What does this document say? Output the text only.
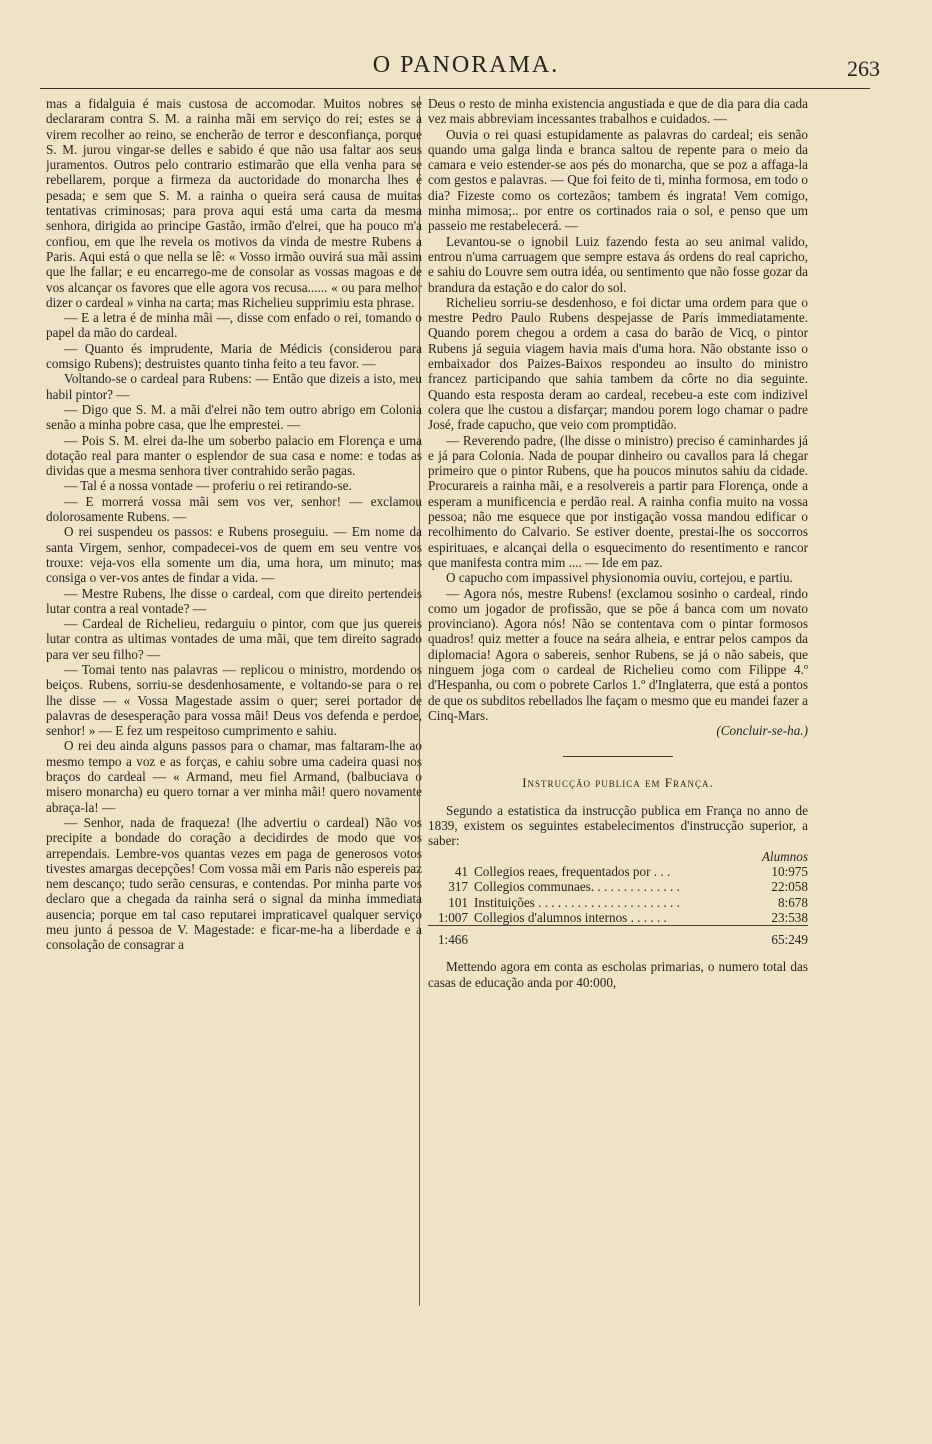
O PANORAMA.	263

mas a fidalguia é mais custosa de accomodar. Muitos nobres se declararam contra S. M. a rainha mãi em serviço do rei; estes se a virem recolher ao reino, se encherão de terror e desconfiança, porque S. M. jurou vingar-se delles e sabido é que não usa faltar aos seus juramentos. Outros pelo contrario estimarão que ella venha para se rebellarem, porque a firmeza da auctoridade do monarcha lhes é pesada; e sem que S. M. a rainha o queira será causa de muitas tentativas criminosas; para prova aqui está uma carta da mesma senhora, dirigida ao principe Gastão, irmão d'elrei, que ha pouco m'a confiou, em que lhe revela os motivos da vinda de mestre Rubens a Paris. Aqui está o que nella se lê: « Vosso irmão ouvirá sua mãi assim que lhe fallar; e eu encarrego-me de consolar as vossas magoas e de vos alcançar os favores que elle agora vos recusa...... « ou para melhor dizer o cardeal » vinha na carta; mas Richelieu supprimiu esta phrase.

— E a letra é de minha mãi —, disse com enfado o rei, tomando o papel da mão do cardeal.

— Quanto és imprudente, Maria de Médicis (considerou para comsigo Rubens); destruistes quanto tinha feito a teu favor. —

Voltando-se o cardeal para Rubens: — Então que dizeis a isto, meu habil pintor? —

— Digo que S. M. a mãi d'elrei não tem outro abrigo em Colonia senão a minha pobre casa, que lhe emprestei. —

— Pois S. M. elrei da-lhe um soberbo palacio em Florença e uma dotação real para manter o esplendor de sua casa e nome: e todas as dividas que a mesma senhora tiver contrahido serão pagas.

— Tal é a nossa vontade — proferiu o rei retirando-se.

— E morrerá vossa mãi sem vos ver, senhor! — exclamou dolorosamente Rubens. —

O rei suspendeu os passos: e Rubens proseguiu. — Em nome da santa Virgem, senhor, compadecei-vos de quem em seu ventre vos trouxe: veja-vos ella somente um dia, uma hora, um minuto; mas consiga o ver-vos antes de findar a vida. —

— Mestre Rubens, lhe disse o cardeal, com que direito pertendeis lutar contra a real vontade? —

— Cardeal de Richelieu, redarguiu o pintor, com que jus quereis lutar contra as ultimas vontades de uma mãi, que tem direito sagrado para ver seu filho? —

— Tomai tento nas palavras — replicou o ministro, mordendo os beiços. Rubens, sorriu-se desdenhosamente, e voltando-se para o rei lhe disse — « Vossa Magestade assim o quer; serei portador de palavras de desesperação para vossa mãi! Deus vos defenda e perdoe, senhor! » — E fez um respeitoso cumprimento e sahiu.

O rei deu ainda alguns passos para o chamar, mas faltaram-lhe ao mesmo tempo a voz e as forças, e cahiu sobre uma cadeira quasi nos braços do cardeal — « Armand, meu fiel Armand, (balbuciava o misero monarcha) eu quero tornar a ver minha mãi! quero novamente abraça-la! —

— Senhor, nada de fraqueza! (lhe advertiu o cardeal) Não vos precipite a bondade do coração a decidirdes de modo que vos arrependais. Lembre-vos quantas vezes em paga de generosos votos tivestes amargas decepções! Com vossa mãi em Paris não espereis paz nem descanço; tudo serão censuras, e contendas. Por minha parte vos declaro que a chegada da rainha será o signal da minha immediata ausencia; porque em tal caso reputarei impraticavel qualquer serviço meu junto á pessoa de V. Magestade: e ficar-me-ha a liberdade e a consolação de consagrar a

Deus o resto de minha existencia angustiada e que de dia para dia cada vez mais abbreviam incessantes trabalhos e cuidados. —

Ouvia o rei quasi estupidamente as palavras do cardeal; eis senão quando uma galga linda e branca saltou de repente para o meio da camara e veio estender-se aos pés do monarcha, que se poz a affaga-la com gestos e palavras. — Que foi feito de ti, minha formosa, em todo o dia? Fizeste como os cortezãos; tambem és ingrata! Vem comigo, minha mimosa;.. por entre os cortinados raia o sol, e penso que um passeio me restabelecerá. —

Levantou-se o ignobil Luiz fazendo festa ao seu animal valido, entrou n'uma carruagem que sempre estava ás ordens do real capricho, e sahiu do Louvre sem outra idéa, ou sentimento que não fosse gozar da brandura da estação e do calor do sol.

Richelieu sorriu-se desdenhoso, e foi dictar uma ordem para que o mestre Pedro Paulo Rubens despejasse de París immediatamente. Quando porem chegou a ordem a casa do barão de Vicq, o pintor Rubens já seguia viagem havia mais d'uma hora. Não obstante isso o embaixador dos Paizes-Baixos respondeu ao insulto do ministro francez participando que sahia tambem da côrte no dia seguinte. Quando esta resposta deram ao cardeal, recebeu-a este com indizivel colera que lhe custou a disfarçar; mandou porem logo chamar o padre José, frade capucho, que veio com promptidão.

— Reverendo padre, (lhe disse o ministro) preciso é caminhardes já e já para Colonia. Nada de poupar dinheiro ou cavallos para lá chegar primeiro que o pintor Rubens, que ha poucos minutos sahiu da cidade. Procurareis a rainha mãi, e a resolvereis a partir para Florença, onde a esperam a munificencia e perdão real. A rainha confia muito na vossa pessoa; não me esquece que por instigação vossa mandou edificar o recolhimento do Calvario. Se estiver doente, prestai-lhe os soccorros espirituaes, e alcançai della o esquecimento do resentimento e rancor que manifesta contra mim .... — Ide em paz.

O capucho com impassivel physionomia ouviu, cortejou, e partiu.

— Agora nós, mestre Rubens! (exclamou sosinho o cardeal, rindo como um jogador de profissão, que se põe á banca com um novato provinciano). Agora nós! Não se contentava com o pintar formosos quadros! quiz metter a fouce na seára alheia, e entrar pelos campos da diplomacia! Agora o sabereis, senhor Rubens, se já o não sabeis, que ninguem joga com o cardeal de Richelieu como com Filippe 4.º d'Hespanha, ou com o pobrete Carlos 1.º d'Inglaterra, que está a pontos de que os subditos rebellados lhe façam o mesmo que eu mandei fazer a Cinq-Mars.

(Concluir-se-ha.)

Instrucção publica em França.

Segundo a estatistica da instrucção publica em França no anno de 1839, existem os seguintes estabelecimentos d'instrucção superior, a saber:

		Alumnos
41	Collegios reaes, frequentados por . . .	10:975
317	Collegios communaes. . . . . . . . . . . . . .	22:058
101	Instituições . . . . . . . . . . . . . . . . . . . . . .	8:678
1:007	Collegios d'alumnos internos . . . . . .	23:538

1:466		65:249

Mettendo agora em conta as escholas primarias, o numero total das casas de educação anda por 40:000,
